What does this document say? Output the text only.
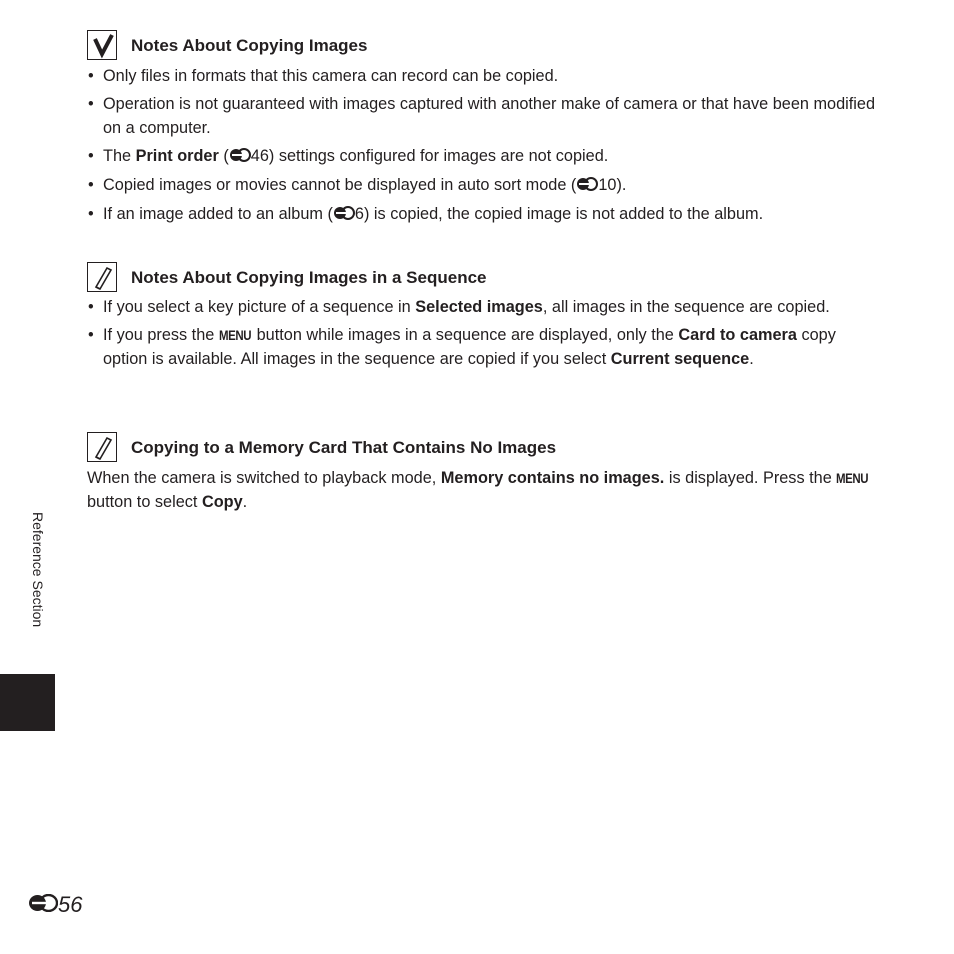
Notes About Copying Images
• Only files in formats that this camera can record can be copied.
• Operation is not guaranteed with images captured with another make of camera or that have been modified on a computer.
• The Print order ( 46) settings configured for images are not copied.
• Copied images or movies cannot be displayed in auto sort mode ( 10).
• If an image added to an album ( 6) is copied, the copied image is not added to the album.
Notes About Copying Images in a Sequence
• If you select a key picture of a sequence in Selected images, all images in the sequence are copied.
• If you press the MENU button while images in a sequence are displayed, only the Card to camera copy option is available. All images in the sequence are copied if you select Current sequence.
Copying to a Memory Card That Contains No Images

When the camera is switched to playback mode, Memory contains no images. is displayed. Press the MENU button to select Copy.

Reference Section
56
